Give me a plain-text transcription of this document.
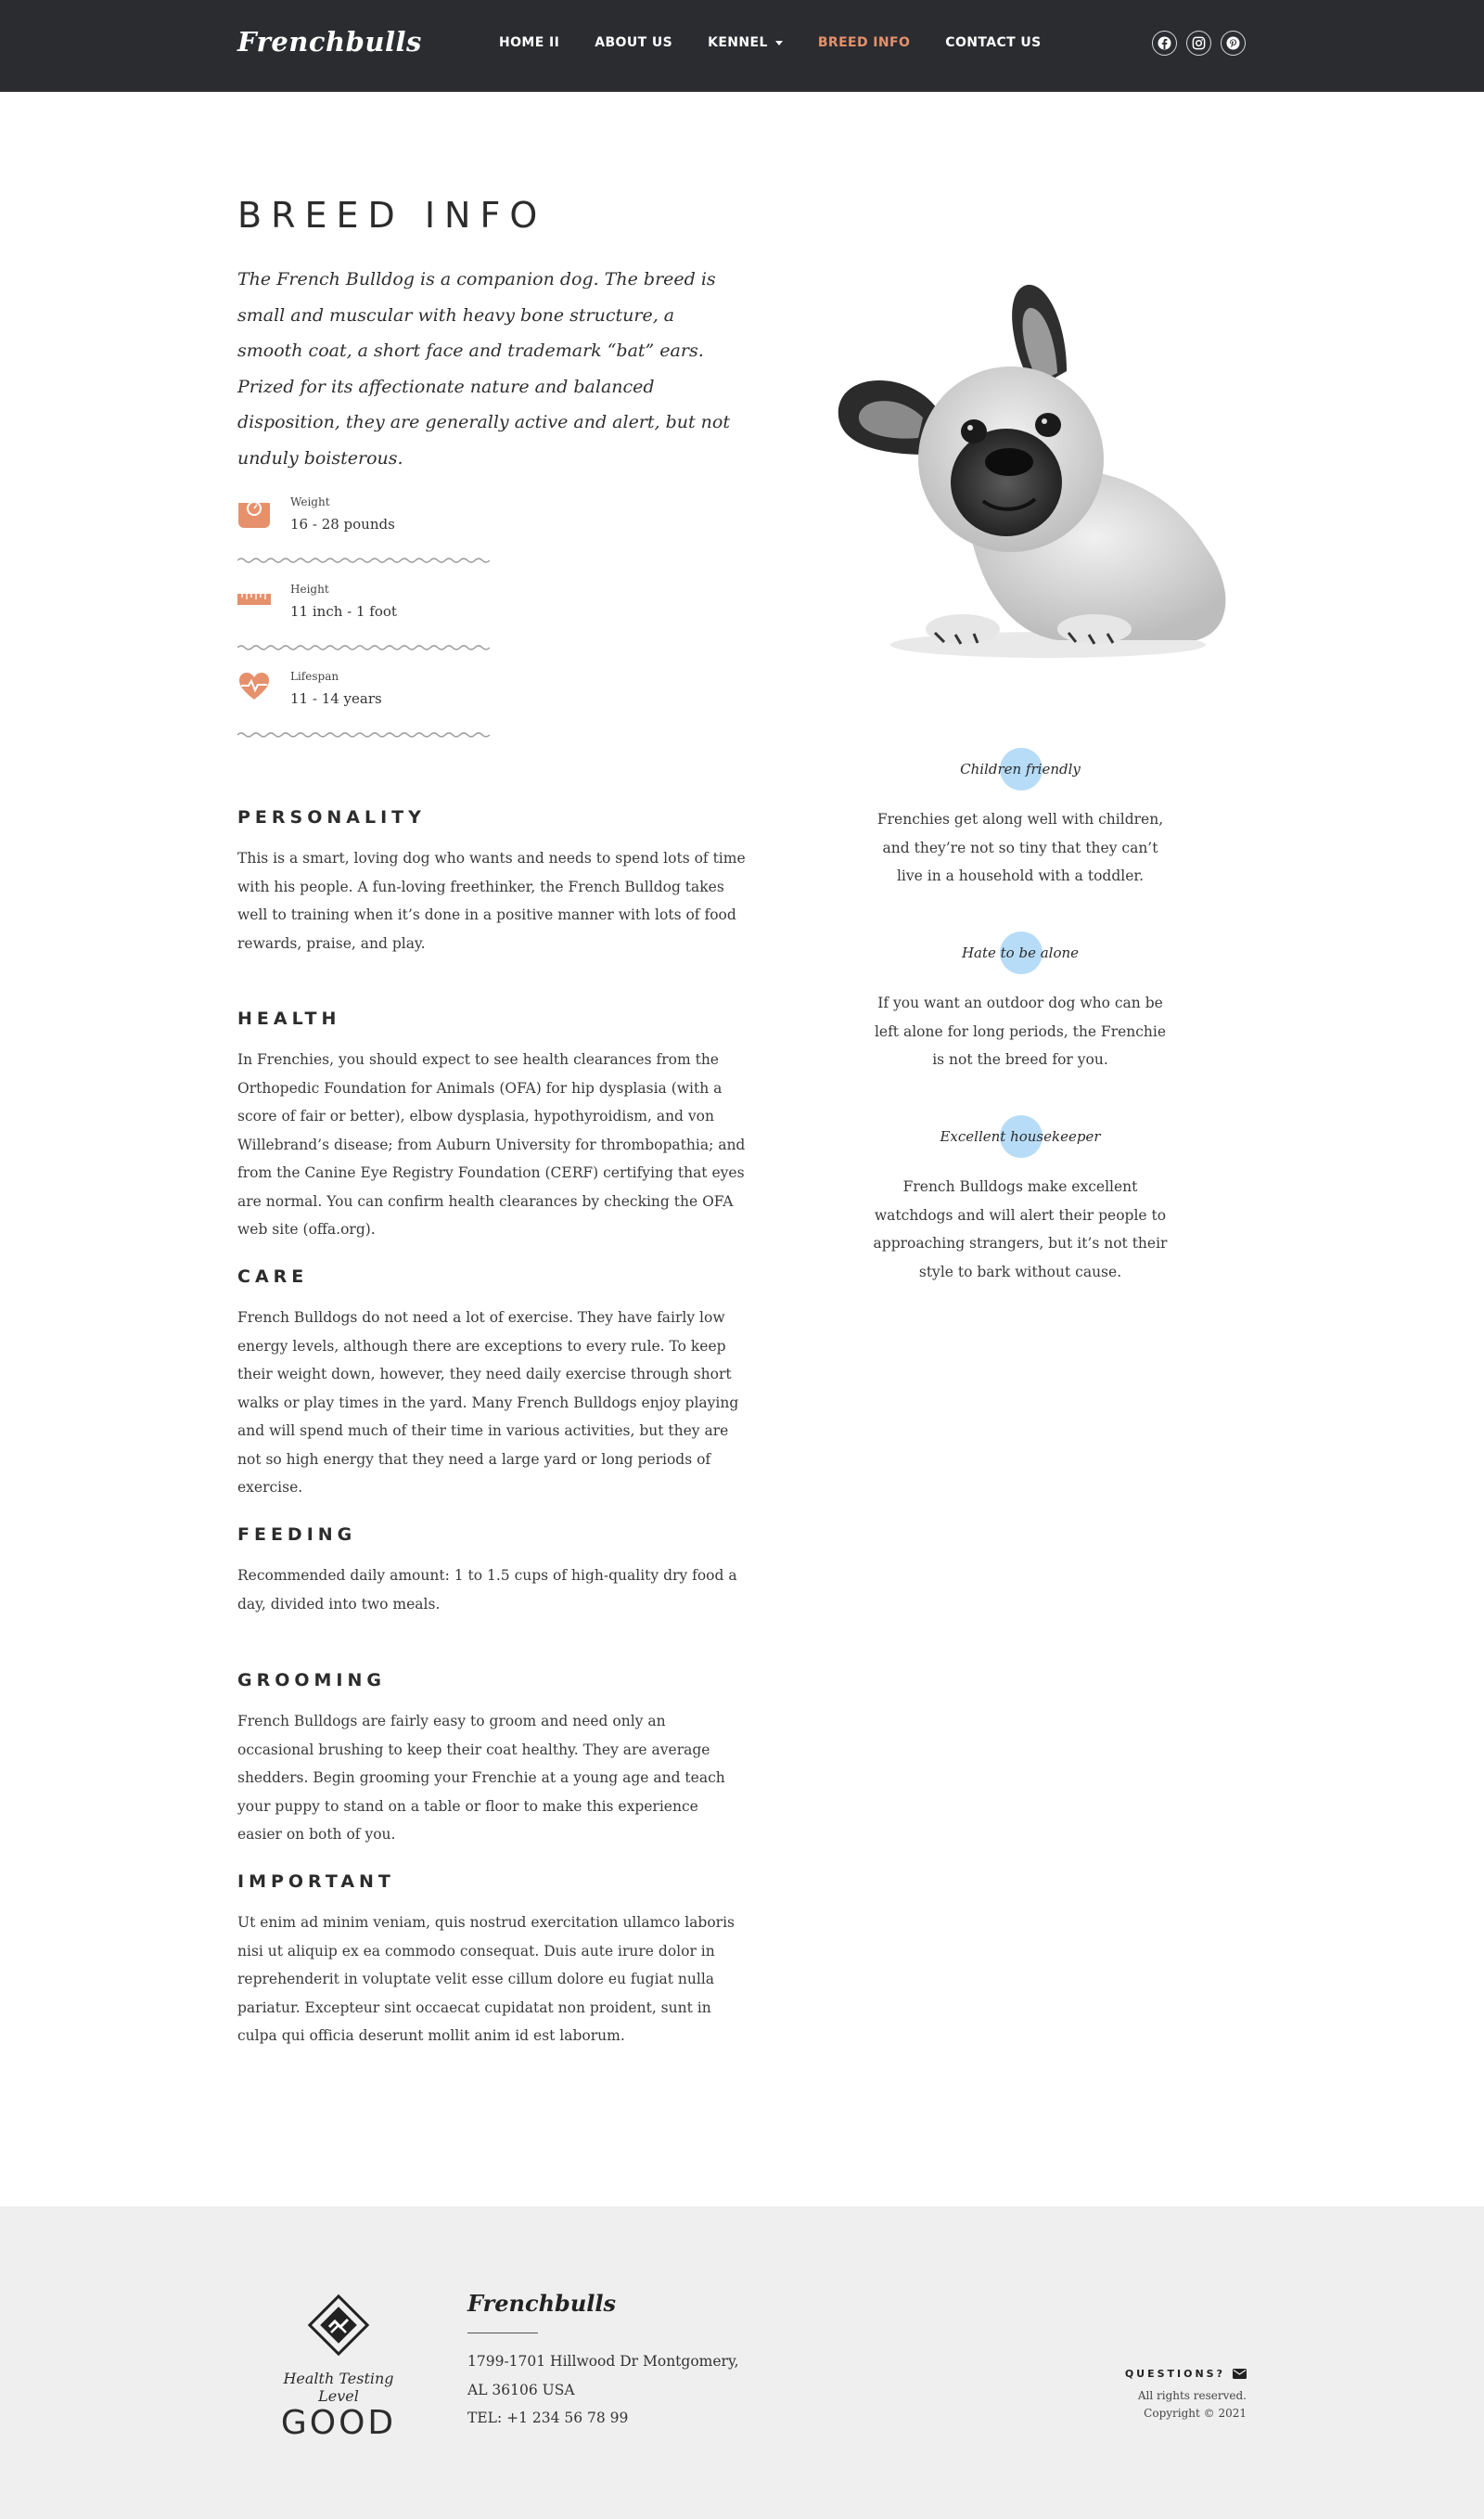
Frenchbulls	HOME II	ABOUT US	KENNEL	BREED INFO	CONTACT US
BREED INFO

The French Bulldog is a companion dog. The breed is small and muscular with heavy bone structure, a smooth coat, a short face and trademark “bat” ears. Prized for its affectionate nature and balanced disposition, they are generally active and alert, but not unduly boisterous.

Weight
16 - 28 pounds
Height
11 inch - 1 foot
Lifespan
11 - 14 years
PERSONALITY

This is a smart, loving dog who wants and needs to spend lots of time with his people. A fun-loving freethinker, the French Bulldog takes well to training when it’s done in a positive manner with lots of food rewards, praise, and play.

HEALTH

In Frenchies, you should expect to see health clearances from the Orthopedic Foundation for Animals (OFA) for hip dysplasia (with a score of fair or better), elbow dysplasia, hypothyroidism, and von Willebrand’s disease; from Auburn University for thrombopathia; and from the Canine Eye Registry Foundation (CERF) certifying that eyes are normal. You can confirm health clearances by checking the OFA web site (offa.org).

CARE

French Bulldogs do not need a lot of exercise. They have fairly low energy levels, although there are exceptions to every rule. To keep their weight down, however, they need daily exercise through short walks or play times in the yard. Many French Bulldogs enjoy playing and will spend much of their time in various activities, but they are not so high energy that they need a large yard or long periods of exercise.

FEEDING

Recommended daily amount: 1 to 1.5 cups of high-quality dry food a day, divided into two meals.

GROOMING

French Bulldogs are fairly easy to groom and need only an occasional brushing to keep their coat healthy. They are average shedders. Begin grooming your Frenchie at a young age and teach your puppy to stand on a table or floor to make this experience easier on both of you.

IMPORTANT

Ut enim ad minim veniam, quis nostrud exercitation ullamco laboris nisi ut aliquip ex ea commodo consequat. Duis aute irure dolor in reprehenderit in voluptate velit esse cillum dolore eu fugiat nulla pariatur. Excepteur sint occaecat cupidatat non proident, sunt in culpa qui officia deserunt mollit anim id est laborum.

Children friendly

Frenchies get along well with children, and they’re not so tiny that they can’t live in a household with a toddler.

Hate to be alone

If you want an outdoor dog who can be left alone for long periods, the Frenchie is not the breed for you.

Excellent housekeeper

French Bulldogs make excellent watchdogs and will alert their people to approaching strangers, but it’s not their style to bark without cause.

Health Testing Level
GOOD
Frenchbulls
1799-1701 Hillwood Dr Montgomery,
AL 36106 USA
TEL: +1 234 56 78 99
QUESTIONS?
All rights reserved.
Copyright © 2021
